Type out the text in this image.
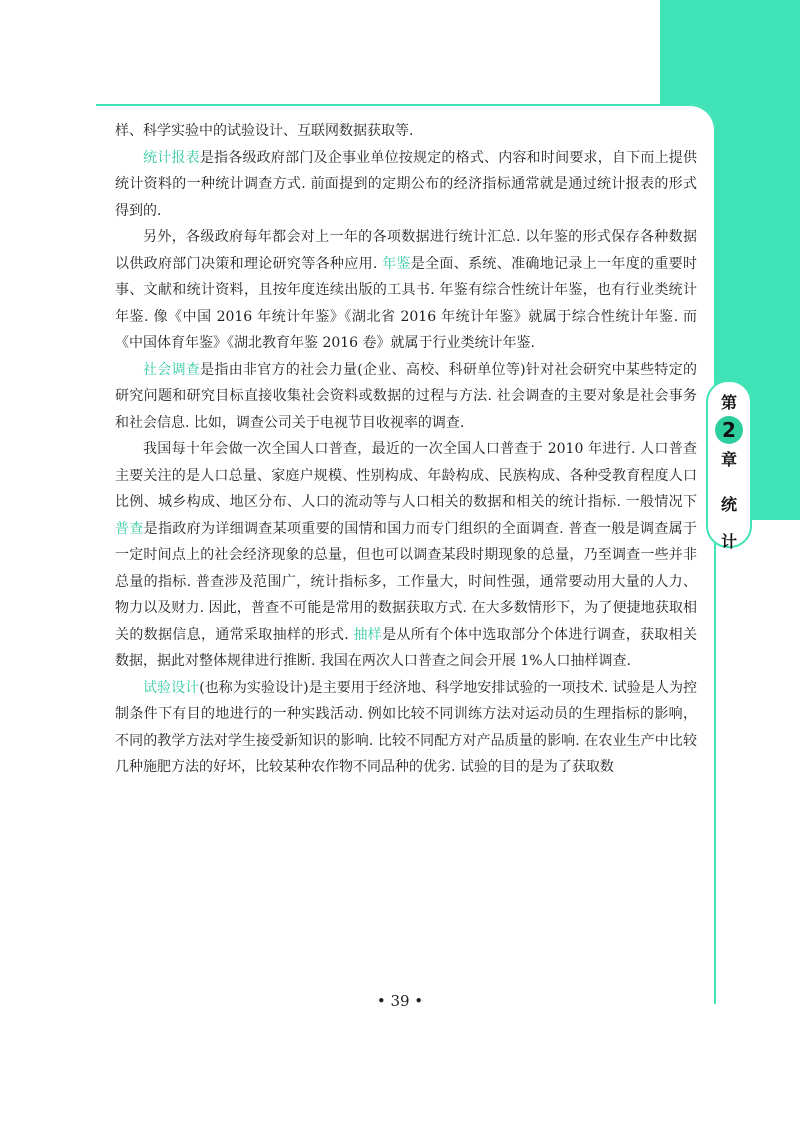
第
2
章
统
计

样、科学实验中的试验设计、互联网数据获取等.

统计报表是指各级政府部门及企事业单位按规定的格式、内容和时间要求，自下而上提供统计资料的一种统计调查方式. 前面提到的定期公布的经济指标通常就是通过统计报表的形式得到的.

另外，各级政府每年都会对上一年的各项数据进行统计汇总. 以年鉴的形式保存各种数据以供政府部门决策和理论研究等各种应用. 年鉴是全面、系统、准确地记录上一年度的重要时事、文献和统计资料，且按年度连续出版的工具书. 年鉴有综合性统计年鉴，也有行业类统计年鉴. 像《中国 2016 年统计年鉴》《湖北省 2016 年统计年鉴》就属于综合性统计年鉴. 而《中国体育年鉴》《湖北教育年鉴 2016 卷》就属于行业类统计年鉴.

社会调查是指由非官方的社会力量(企业、高校、科研单位等)针对社会研究中某些特定的研究问题和研究目标直接收集社会资料或数据的过程与方法. 社会调查的主要对象是社会事务和社会信息. 比如，调查公司关于电视节目收视率的调查.

我国每十年会做一次全国人口普查，最近的一次全国人口普查于 2010 年进行. 人口普查主要关注的是人口总量、家庭户规模、性别构成、年龄构成、民族构成、各种受教育程度人口比例、城乡构成、地区分布、人口的流动等与人口相关的数据和相关的统计指标. 一般情况下普查是指政府为详细调查某项重要的国情和国力而专门组织的全面调查. 普查一般是调查属于一定时间点上的社会经济现象的总量，但也可以调查某段时期现象的总量，乃至调查一些并非总量的指标. 普查涉及范围广，统计指标多，工作量大，时间性强，通常要动用大量的人力、物力以及财力. 因此，普查不可能是常用的数据获取方式. 在大多数情形下，为了便捷地获取相关的数据信息，通常采取抽样的形式. 抽样是从所有个体中选取部分个体进行调查，获取相关数据，据此对整体规律进行推断. 我国在两次人口普查之间会开展 1%人口抽样调查.

试验设计(也称为实验设计)是主要用于经济地、科学地安排试验的一项技术. 试验是人为控制条件下有目的地进行的一种实践活动. 例如比较不同训练方法对运动员的生理指标的影响，不同的教学方法对学生接受新知识的影响. 比较不同配方对产品质量的影响. 在农业生产中比较几种施肥方法的好坏，比较某种农作物不同品种的优劣. 试验的目的是为了获取数

• 39 •
